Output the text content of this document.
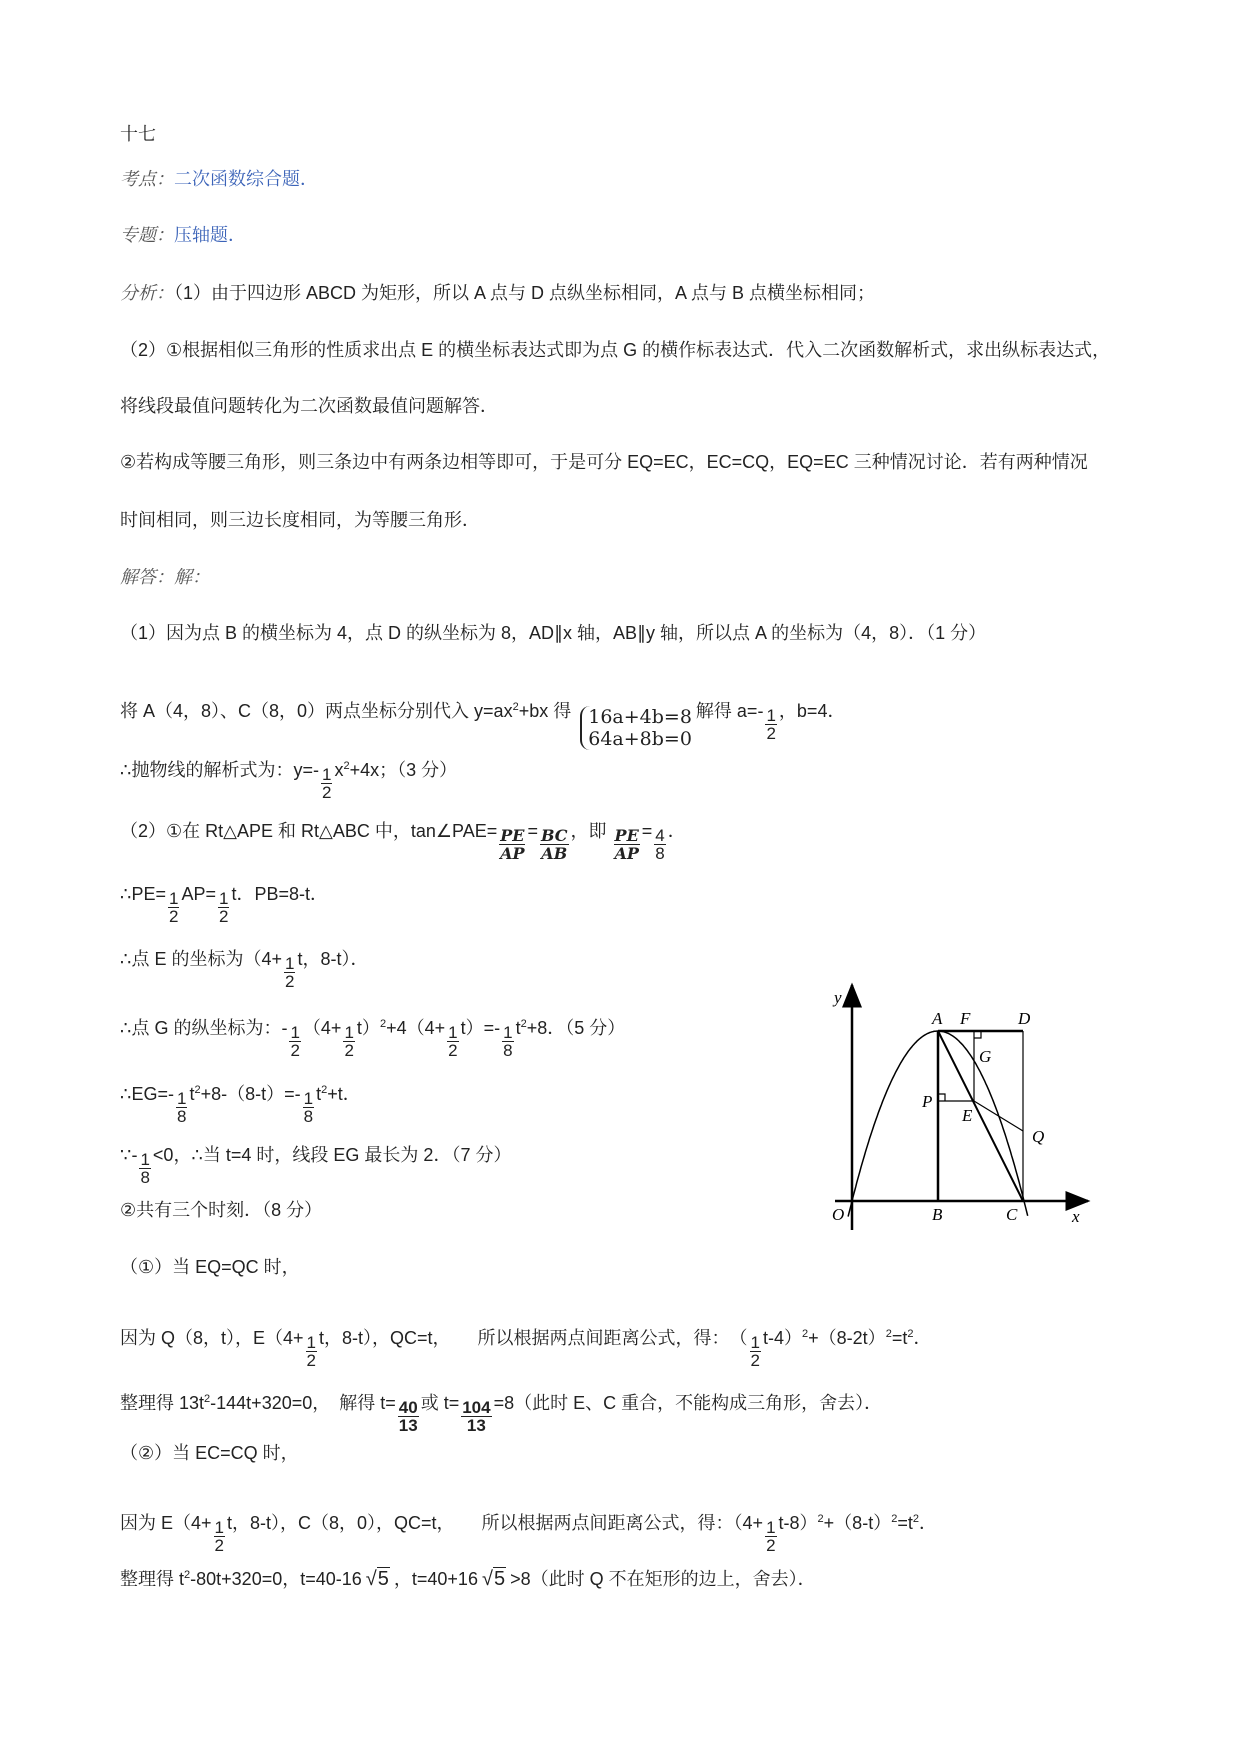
十七
考点：二次函数综合题．
专题：压轴题．
分析：（1）由于四边形 ABCD 为矩形，所以 A 点与 D 点纵坐标相同，A 点与 B 点横坐标相同；
（2）①根据相似三角形的性质求出点 E 的横坐标表达式即为点 G 的横作标表达式．代入二次函数解析式，求出纵标表达式，
将线段最值问题转化为二次函数最值问题解答．
②若构成等腰三角形，则三条边中有两条边相等即可，于是可分 EQ=EC，EC=CQ，EQ=EC 三种情况讨论．若有两种情况
时间相同，则三边长度相同，为等腰三角形．
解答：解：
（1）因为点 B 的横坐标为 4，点 D 的纵坐标为 8，AD∥x 轴，AB∥y 轴，所以点 A 的坐标为（4，8）．（1 分）
将 A（4，8）、C（8，0）两点坐标分别代入 $y=ax^2+bx$ 得 16a+4b=8
64a+8b=0
解得 $a=- \frac{1}{2}$ ，b=4．
∴抛物线的解析式为：$y=- \frac{1}{2} x^2+4x$；（3 分）
（2）①在 Rt△APE 和 Rt△ABC 中，tan∠PAE= $\frac{PE}{AP} = \frac{BC}{AB}$ ，即 $\frac{PE}{AP} = \frac{4}{8}$ ．
∴PE= $\frac{1}{2} AP= \frac{1}{2}$ t．PB=8-t．
∴点 E 的坐标为（$4+ \frac{1}{2}$ t，8-t）．
∴点 G 的纵坐标为：- $\frac{1}{2} (4+ \frac{1}{2} t)^2+4(4+ \frac{1}{2} t)=- \frac{1}{8} t^2+8$．（5 分）
∴EG=- $\frac{1}{8} t^2+8-(8-t)=- \frac{1}{8} t^2+t$．
∵- $\frac{1}{8} <0$，∴当 t=4 时，线段 EG 最长为 2．（7 分）
②共有三个时刻．（8 分）
（①）当 EQ=QC 时，
因为 Q（8，t），$E(4+ \frac{1}{2}$ t，8-t），QC=t，　　所以根据两点间距离公式，得：　（ $\frac{1}{2} t-4)^2+(8-2t)^2=t^2$．
整理得 $13t^2-144t+320=0$，　解得 $t= \frac{40}{13}$ 或 $t= \frac{104}{13} =8$（此时 E、C 重合，不能构成三角形，舍去）．
（②）当 EC=CQ 时，
因为 $E(4+ \frac{1}{2}$ t，8-t），C（8，0），QC=t，　　所以根据两点间距离公式，得：$(4+ \frac{1}{2} t-8)^2+(8-t)^2=t^2$．
整理得 $t^2-80t+320=0$，t=40-16 √5 ，t=40+16 √5 >8（此时 Q 不在矩形的边上，舍去）．
y
x
O
A
B	C
D
F
G
P
E
Q
